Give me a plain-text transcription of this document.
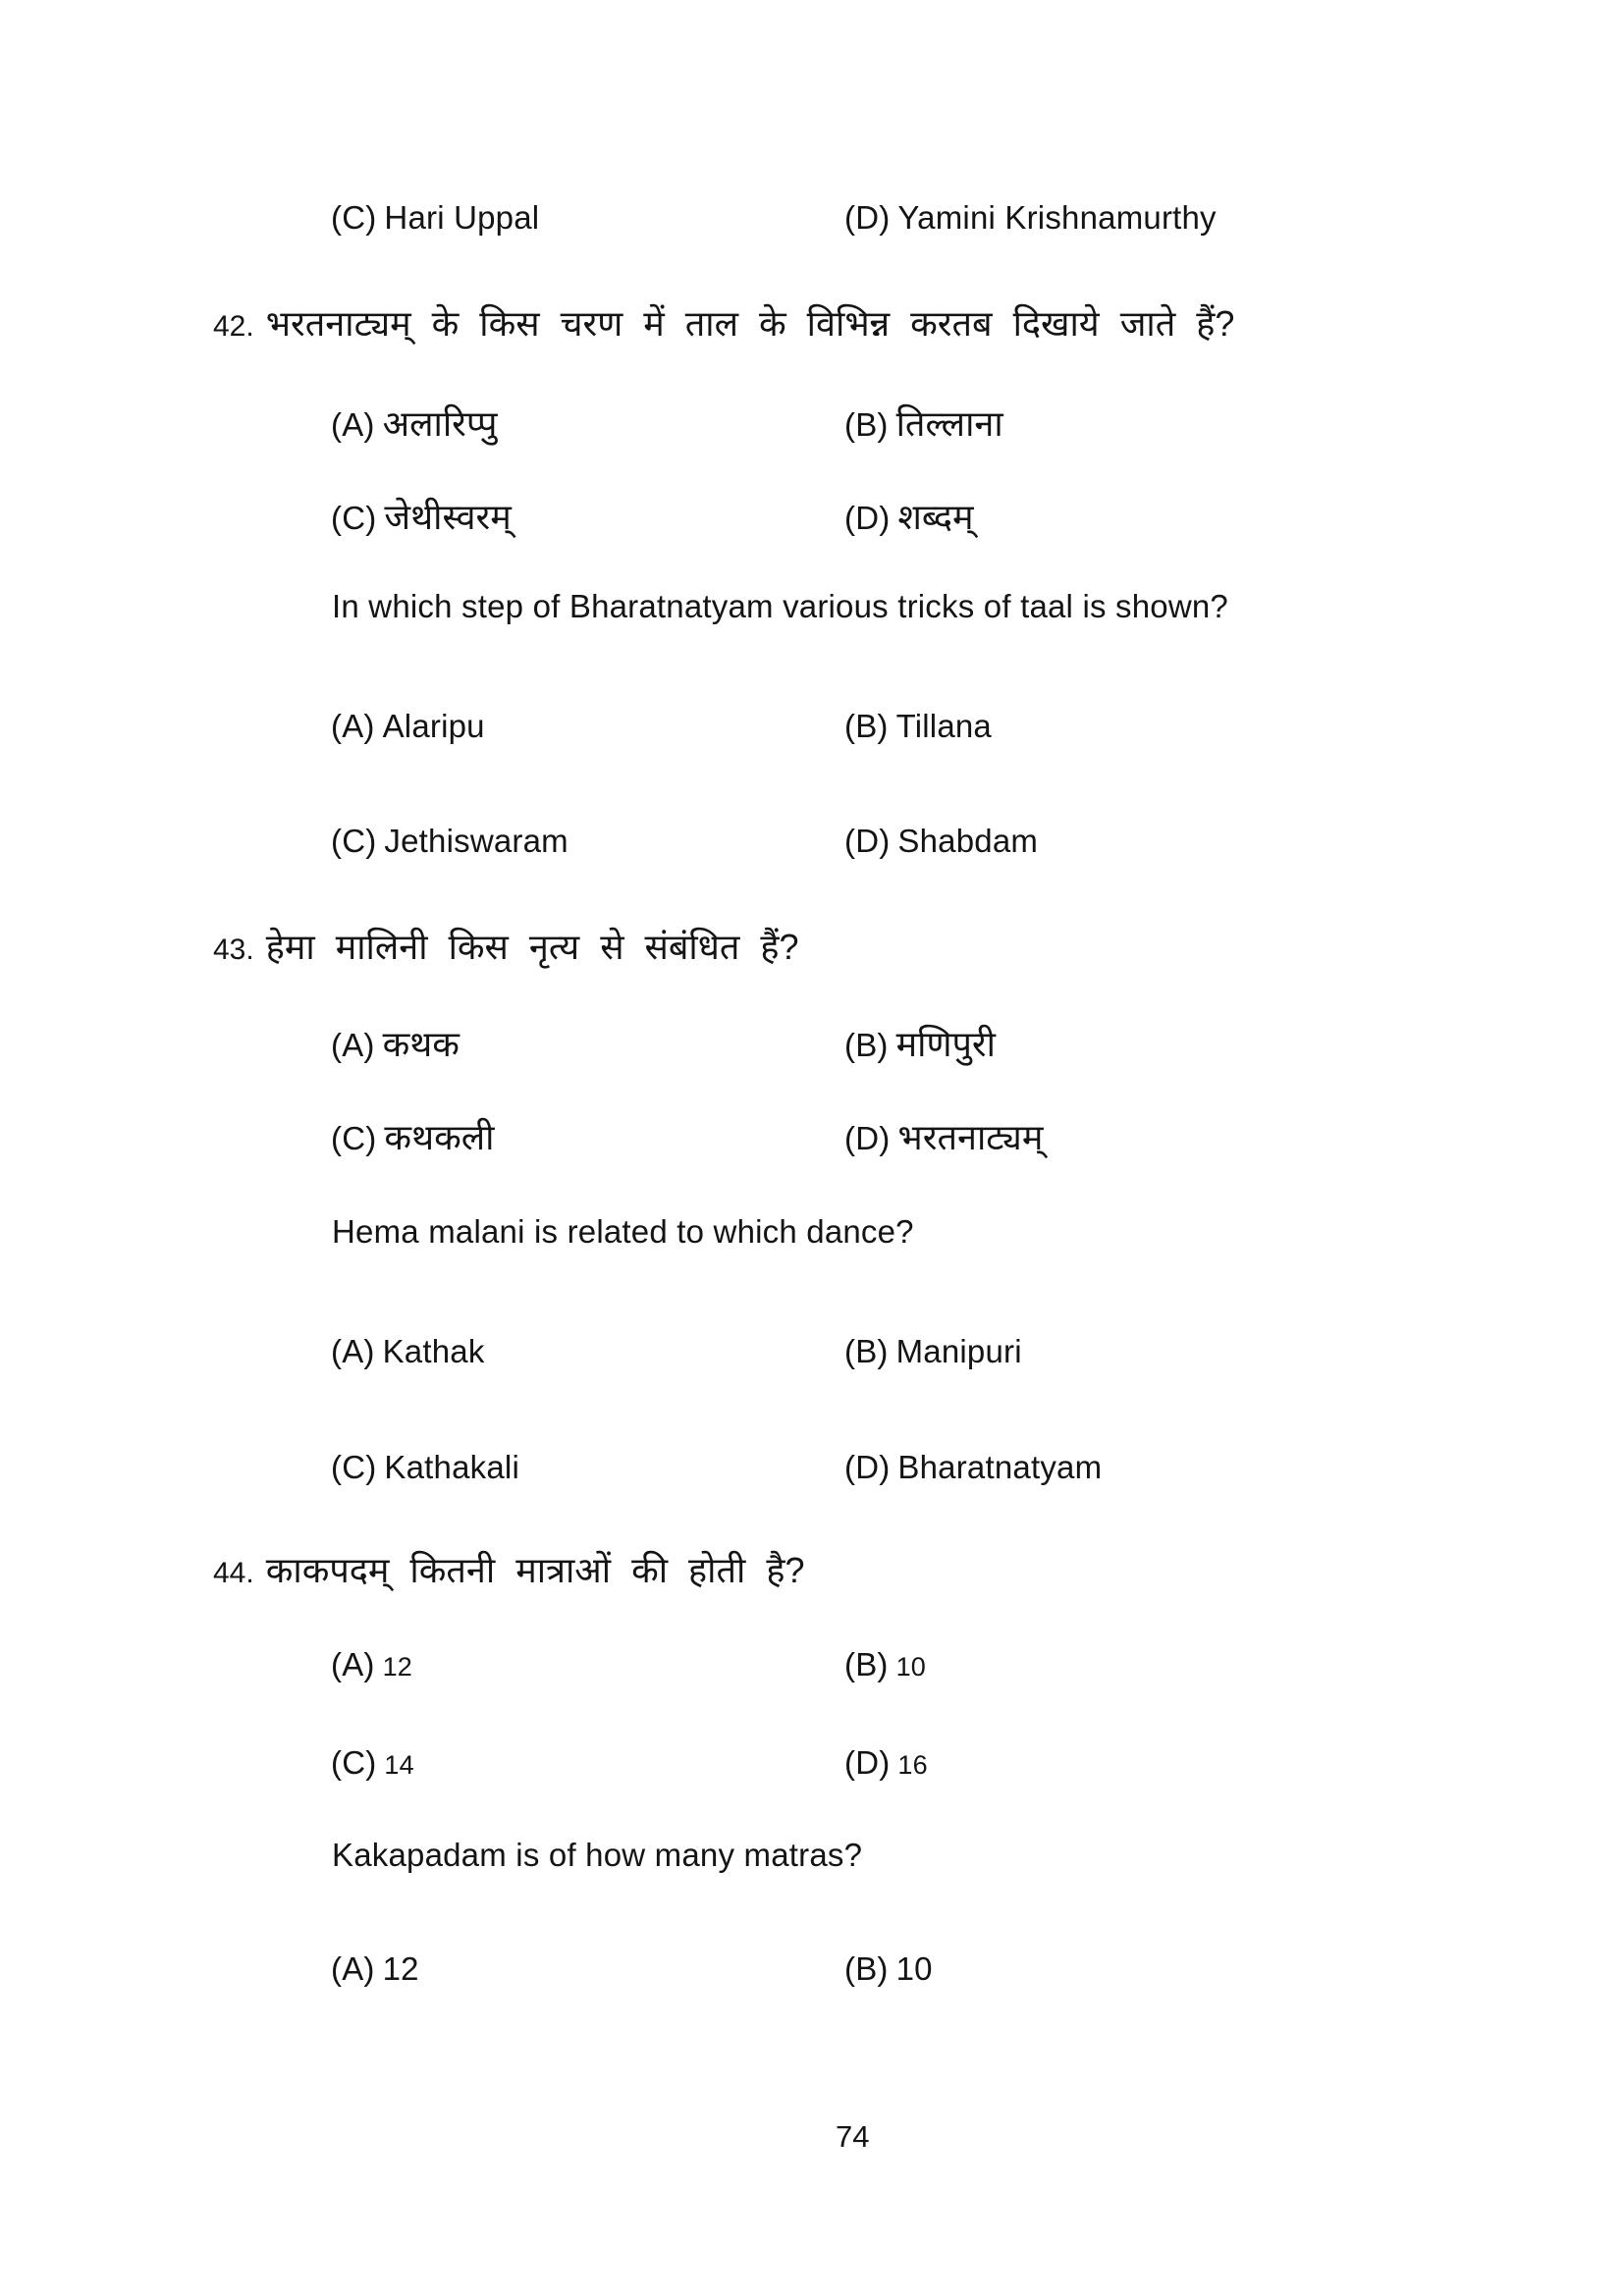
(C) Hari Uppal	(D) Yamini Krishnamurthy
42. भरतनाट्यम् के किस चरण में ताल के विभिन्न करतब दिखाये जाते हैं?
(A) अलारिप्पु	(B) तिल्लाना
(C) जेथीस्वरम्	(D) शब्दम्
In which step of Bharatnatyam various tricks of taal is shown?
(A) Alaripu	(B) Tillana
(C) Jethiswaram	(D) Shabdam
43. हेमा मालिनी किस नृत्य से संबंधित हैं?
(A) कथक	(B) मणिपुरी
(C) कथकली	(D) भरतनाट्यम्
Hema malani is related to which dance?
(A) Kathak	(B) Manipuri
(C) Kathakali	(D) Bharatnatyam
44. काकपदम् कितनी मात्राओं की होती है?
(A) 12	(B) 10
(C) 14	(D) 16
Kakapadam is of how many matras?
(A) 12	(B) 10
74
